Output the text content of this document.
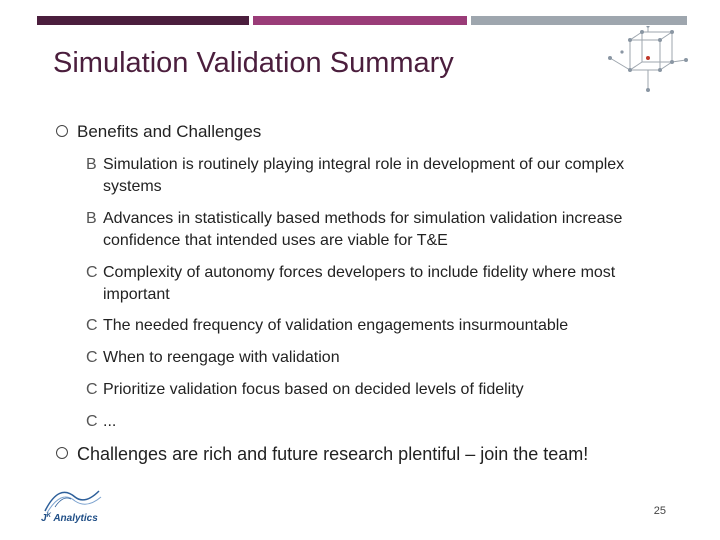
Simulation Validation Summary
Benefits and Challenges
B Simulation is routinely playing integral role in development of our complex systems
B Advances in statistically based methods for simulation validation increase confidence that intended uses are viable for T&E
C Complexity of autonomy forces developers to include fidelity where most important
C The needed frequency of validation engagements insurmountable
C When to reengage with validation
C Prioritize validation focus based on decided levels of fidelity
C ...
Challenges are rich and future research plentiful – join the team!
$J^K$ Analytics
25
